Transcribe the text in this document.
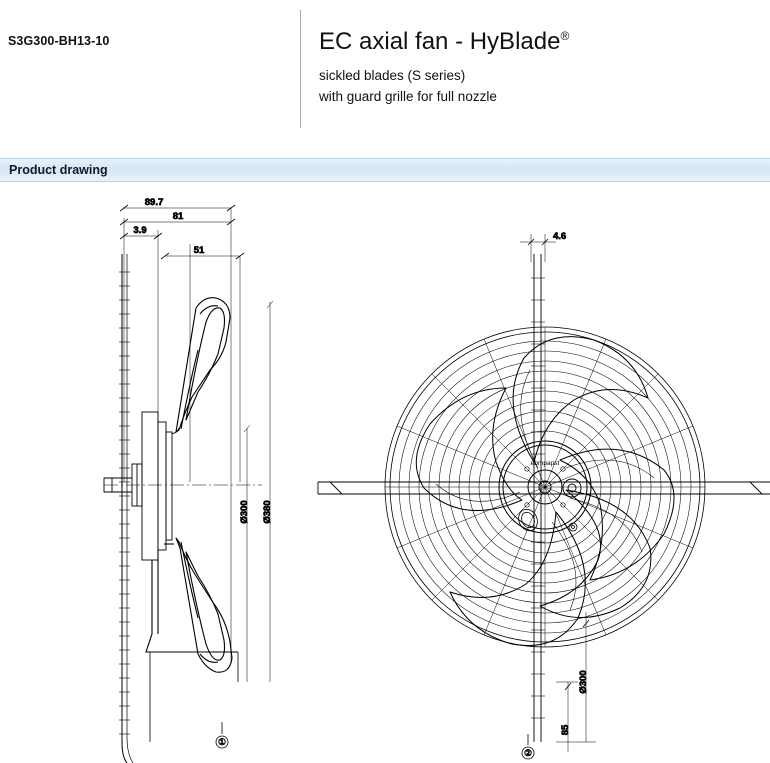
S3G300-BH13-10	EC axial fan - HyBlade®
sickled blades (S series)
with guard grille for full nozzle
Product drawing
89.7
81
3.9
51
Ø300 Ø380
①
4.6
ebmpapst
Ø300
85
②
